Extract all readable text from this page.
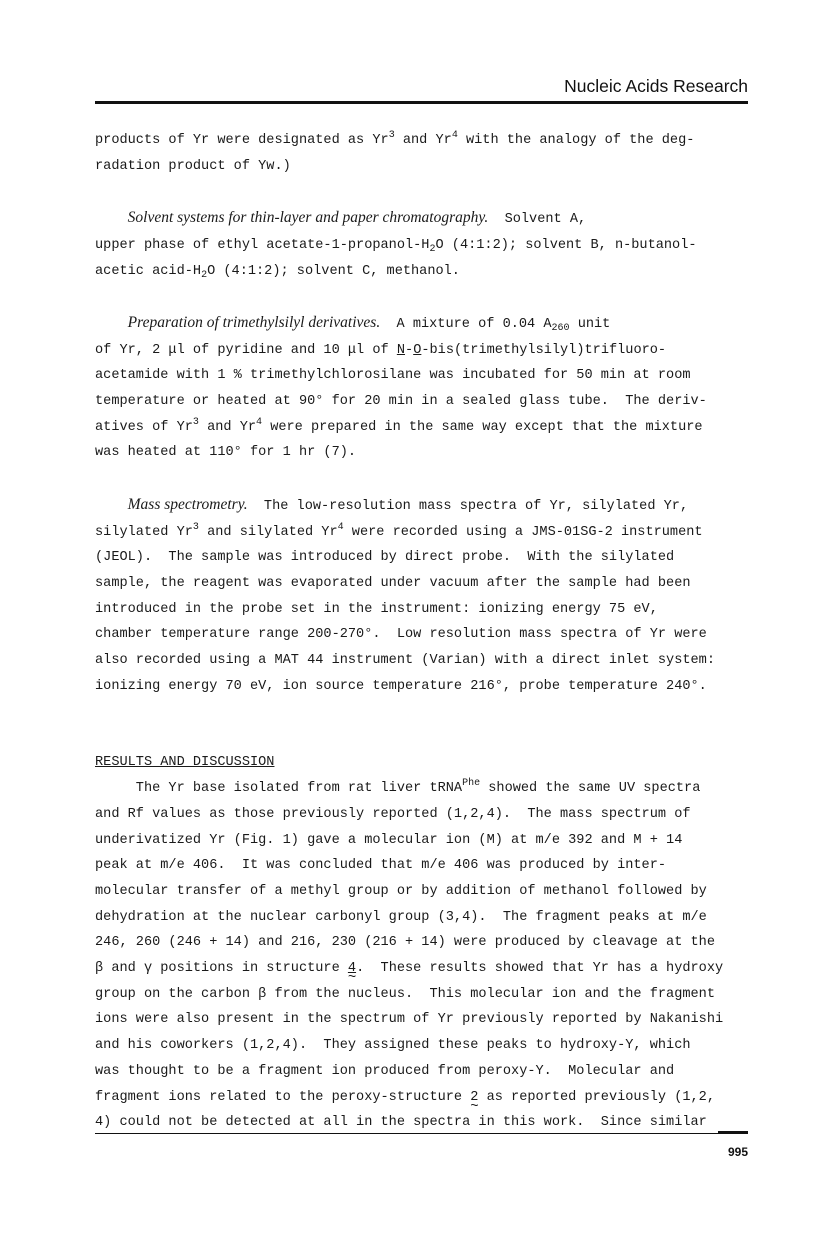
Nucleic Acids Research

products of Yr were designated as Yr$^3$ and Yr$^4$ with the analogy of the deg-

radation product of Yw.)

Solvent systems for thin-layer and paper chromatography.  Solvent A,

upper phase of ethyl acetate-$1-propanol-H_2O$ (4:1:2); solvent B, n-butanol-

acetic acid-$H_2O$ (4:1:2); solvent C, methanol.

Preparation of trimethylsilyl derivatives.  A mixture of 0.04 $A_{260}$ unit

of Yr, 2 μl of pyridine and 10 μl of N-O-bis(trimethylsilyl)trifluoro-

acetamide with 1 % trimethylchlorosilane was incubated for 50 min at room

temperature or heated at 90° for 20 min in a sealed glass tube.  The deriv-

atives of Yr$^3$ and Yr$^4$ were prepared in the same way except that the mixture

was heated at 110° for 1 hr (7).

Mass spectrometry.  The low-resolution mass spectra of Yr, silylated Yr,

silylated Yr$^3$ and silylated Yr$^4$ were recorded using a JMS-01SG-2 instrument

(JEOL).  The sample was introduced by direct probe.  With the silylated

sample, the reagent was evaporated under vacuum after the sample had been

introduced in the probe set in the instrument: ionizing energy 75 eV,

chamber temperature range 200-270°.  Low resolution mass spectra of Yr were

also recorded using a MAT 44 instrument (Varian) with a direct inlet system:

ionizing energy 70 eV, ion source temperature 216°, probe temperature 240°.

RESULTS AND DISCUSSION

The Yr base isolated from rat liver tRNA$^{Phe}$ showed the same UV spectra

and Rf values as those previously reported (1,2,4).  The mass spectrum of

underivatized Yr (Fig. 1) gave a molecular ion (M) at m/e 392 and M + 14

peak at m/e 406.  It was concluded that m/e 406 was produced by inter-

molecular transfer of a methyl group or by addition of methanol followed by

dehydration at the nuclear carbonyl group (3,4).  The fragment peaks at m/e

246, 260 (246 + 14) and 216, 230 (216 + 14) were produced by cleavage at the

β and γ positions in structure 4 ~.  These results showed that Yr has a hydroxy

group on the carbon β from the nucleus.  This molecular ion and the fragment

ions were also present in the spectrum of Yr previously reported by Nakanishi

and his coworkers (1,2,4).  They assigned these peaks to hydroxy-Y, which

was thought to be a fragment ion produced from peroxy-Y.  Molecular and

fragment ions related to the peroxy-structure 2 ~ as reported previously (1,2,

4) could not be detected at all in the spectra in this work.  Since similar

995
